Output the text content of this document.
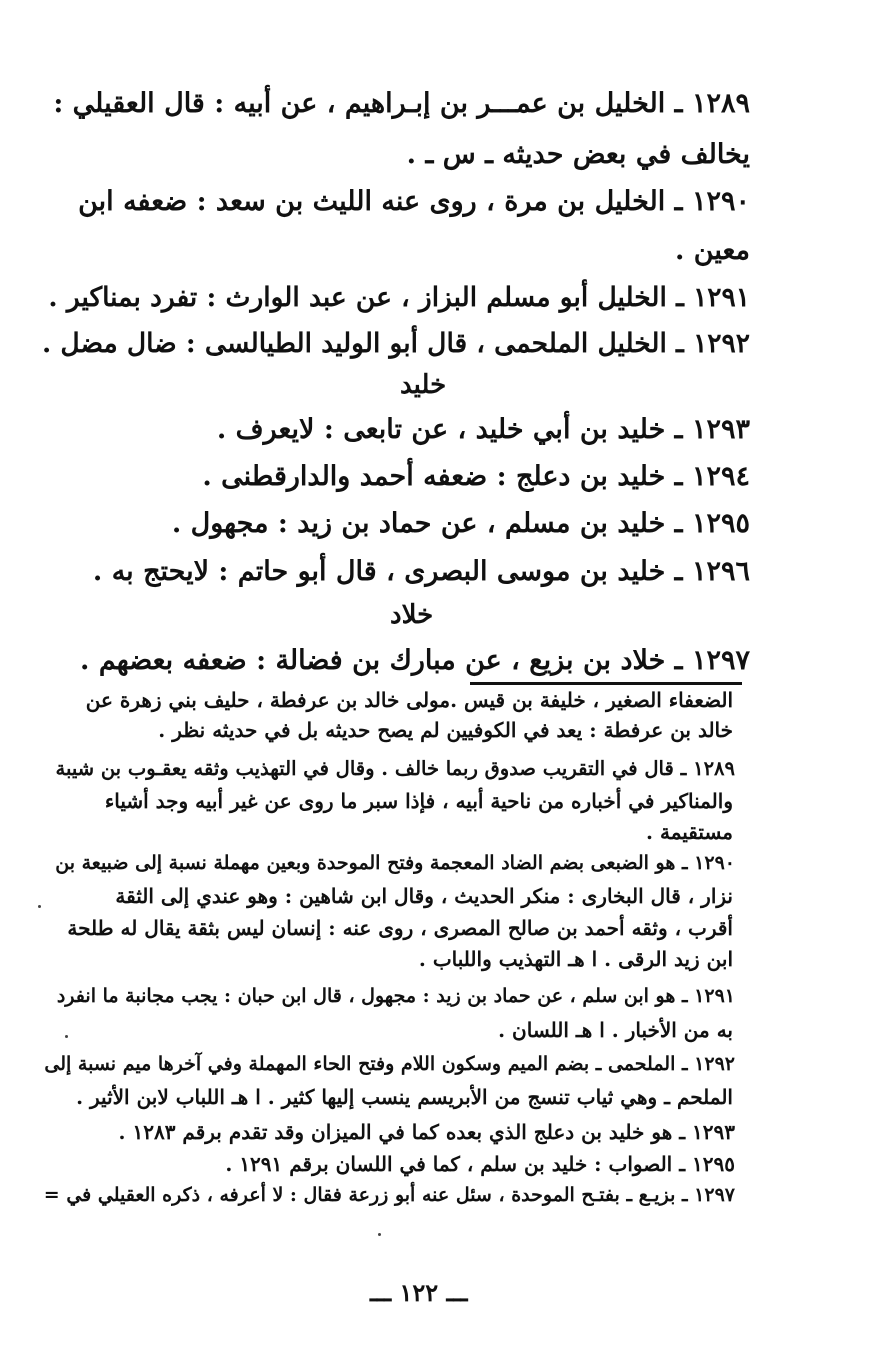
١٢٨٩ ـ الخليل بن عمـــر بن إبـراهيم ، عن أبيه : قال العقيلي :
يخالف في بعض حديثه ـ س ـ .
١٢٩٠ ـ الخليل بن مرة ، روى عنه الليث بن سعد : ضعفه ابن
معين .
١٢٩١ ـ الخليل أبو مسلم البزاز ، عن عبد الوارث : تفرد بمناكير .
١٢٩٢ ـ الخليل الملحمى ، قال أبو الوليد الطيالسى : ضال مضل .
خليد
١٢٩٣ ـ خليد بن أبي خليد ، عن تابعى : لايعرف .
١٢٩٤ ـ خليد بن دعلج : ضعفه أحمد والدارقطنى .
١٢٩٥ ـ خليد بن مسلم ، عن حماد بن زيد : مجهول .
١٢٩٦ ـ خليد بن موسى البصرى ، قال أبو حاتم : لايحتج به .
خلاد
١٢٩٧ ـ خلاد بن بزيع ، عن مبارك بن فضالة : ضعفه بعضهم .
الضعفاء الصغير ، خليفة بن قيس .مولى خالد بن عرفطة ، حليف بني زهرة عن
خالد بن عرفطة : يعد في الكوفيين لم يصح حديثه بل في حديثه نظر .
١٢٨٩ ـ قال في التقريب صدوق ربما خالف . وقال في التهذيب وثقه يعقـوب بن شيبة
والمناكير في أخباره من ناحية أبيه ، فإذا سبر ما روى عن غير أبيه وجد أشياء
مستقيمة .
١٢٩٠ ـ هو الضبعى بضم الضاد المعجمة وفتح الموحدة وبعين مهملة نسبة إلى ضبيعة بن
نزار ، قال البخارى : منكر الحديث ، وقال ابن شاهين : وهو عندي إلى الثقة
أقرب ، وثقه أحمد بن صالح المصرى ، روى عنه : إنسان ليس بثقة يقال له طلحة
ابن زيد الرقى . ا هـ التهذيب واللباب .
١٢٩١ ـ هو ابن سلم ، عن حماد بن زيد : مجهول ، قال ابن حبان : يجب مجانبة ما انفرد
به من الأخبار . ا هـ اللسان .
١٢٩٢ ـ الملحمى ـ بضم الميم وسكون اللام وفتح الحاء المهملة وفي آخرها ميم نسبة إلى
الملحم ـ وهي ثياب تنسج من الأبريسم ينسب إليها كثير . ا هـ اللباب لابن الأثير .
١٢٩٣ ـ هو خليد بن دعلج الذي بعده كما في الميزان وقد تقدم برقم ١٢٨٣ .
١٢٩٥ ـ الصواب : خليد بن سلم ، كما في اللسان برقم ١٢٩١ .
١٢٩٧ ـ بزيـع ـ بفتـح الموحدة ، سئل عنه أبو زرعة فقال : لا أعرفه ، ذكره العقيلي في =
ـــ ١٢٢ ـــ
